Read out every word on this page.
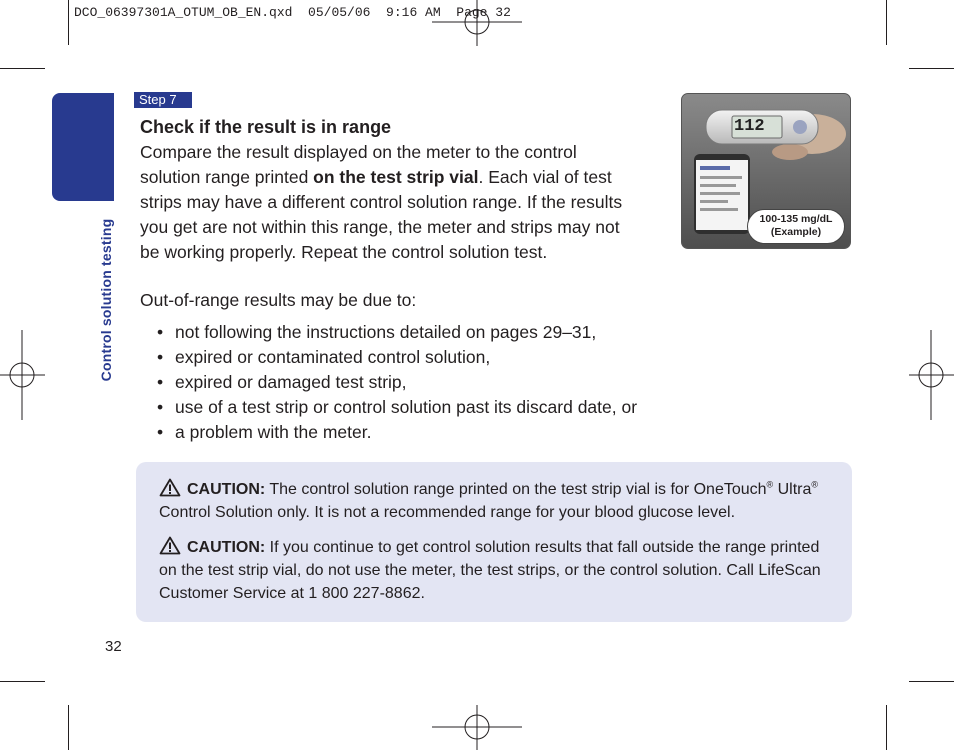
DCO_06397301A_OTUM_OB_EN.qxd  05/05/06  9:16 AM  Page 32
Control solution testing
Step 7
Check if the result is in range
Compare the result displayed on the meter to the control solution range printed on the test strip vial. Each vial of test strips may have a different control solution range. If the results you get are not within this range, the meter and strips may not be working properly. Repeat the control solution test.
Out-of-range results may be due to:
• not following the instructions detailed on pages 29–31,
• expired or contaminated control solution,
• expired or damaged test strip,
• use of a test strip or control solution past its discard date, or
• a problem with the meter.
112
100-135 mg/dL
(Example)
CAUTION: The control solution range printed on the test strip vial is for OneTouch® Ultra® Control Solution only. It is not a recommended range for your blood glucose level.
CAUTION: If you continue to get control solution results that fall outside the range printed on the test strip vial, do not use the meter, the test strips, or the control solution. Call LifeScan Customer Service at 1 800 227-8862.
32
